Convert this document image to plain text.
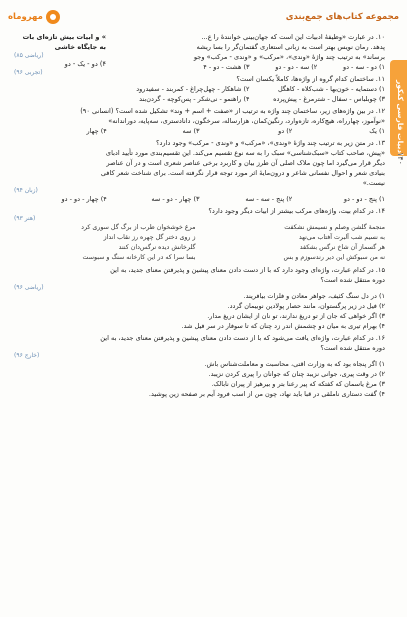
مجموعه کتاب‌های جمع‌بندی
مهروماه
ادبیات فارسی کنکور
۱۴۰
۱۰. در عبارت «وظیفهٔ ادبیات این است که جهان‌بینی خوانندهٔ را ع...
پدهد. رمان نویس بهتر است به زبانی استعاری گفتمان‌گر را بسا ریشه
برساند» به ترتیب چند واژهٔ «وندی»، «مرکب» و «وندی - مرکب» وجو
۱) دو - سه - دو
۲) سه - دو - دو
۳) هشت - دو - ۴
۱۱. ساختمان کدام گروه از واژه‌ها، کاملاً یکسان است؟
۱) دستمایه - خون‌بها - شب‌کلاه - کاهگل
۲) شاهکار - چهل‌چراغ - کمربند - سفیدرود
۳) چوبلباس - سفال - شترمرغ - پیش‌پرده
۴) راهنمو - نی‌شکر - پس‌کوچه - گردن‌بند
» و ابیات بیش تازه‌ای بات به جایگاه خاشی
(ریاضی ۸۵)
۴) دو - یک - دو
(تجربی ۹۶)
۱۲. در بین واژه‌های زیر، ساختمان چند واژه به ترتیب از «صفت + اسم + وند» تشکیل شده است؟ (انسانی ۹۰)
«نوآموز، چهارراه، هیچ‌کاره، تازه‌وارد، رنگین‌کمان، هزارساله، سرخگون، دانادستری، سه‌پایه، دوراندانه»
۱) یک
۲) دو
۳) سه
۴) چهار
۱۳. در متن زیر به ترتیب چند واژهٔ «وندی»، «مرکب» و «وندی - مرکب» وجود دارد؟
«پیش، صاحب کتاب «سبک‌شناسی» سبک را به سه نوع تقسیم می‌کند. این تقسیم‌بندی مورد تأیید ادبای
دیگر قرار می‌گیرد اما چون ملاک اصلی آن طرز بیان و کاربرد برخی عناصر شعری است و در آن عناصر
بنیادی شعر و احوال نفسانی شاعر و درون‌مایهٔ اثر مورد توجه قرار نگرفته است. برای شناخت شعر کافی
نیست.»
(زبان ۹۴)
۱) پنج - دو - دو
۲) پنج - سه - سه
۳) چهار - دو - سه
۴) چهار - دو - دو
۱۴. در کدام بیت، واژه‌های مرکب بیشتر از ابیات دیگر وجود دارد؟
(هنر ۹۳)
منجمهٔ گلشن وصلم و نسیمش نشکفت
مرغ خوشخوان طرب از برگ گل سوری کرد
به نسیم شب آلبرت آفتاب می‌نهد
ز روی دختر گل چهره رز نقاب انداز
هر گسماز آن شاخ نرگس بشکفد
گلرخانش دیده نرگس‌دان کنند
نه من سبوکش این دیر رندسوزم و بس
بسا سرا که در این کارخانه سنگ و سبوست
۱۵. در کدام عبارت، واژه‌ای وجود دارد که با از دست دادن معنای پیشین و پذیرفتن معنای جدید، به این
دوره منتقل شده است؟
(ریاضی ۹۶)
۱) در دل سنگ کثیف، جواهر معادن و فلزات بیافریند.
۲) فیل در زیر پرگستوان، مانند حصار پولادین نوبیمان گردد.
۳) اگر خواهی که جان از تو دریغ ندارند، تو نان از ایشان دریغ مدار.
۴) بهرام تیری به میان دو چشمش اندر زد چنان که تا سوفار در سر فیل شد.
۱۶. در کدام عبارت، واژه‌ای یافت می‌شود که با از دست دادن معنای پیشین و پذیرفتن معنای جدید، به این
دوره منتقل شده است؟
(خارج ۹۶)
۱) اگر پنجاه بود که به وزارت اقتی، محاسبت و معاملت‌شناس باش.
۲) در وقت پیری، جوانی نزیبد چنان که جوانان را پیری کردن نزیبد.
۳) مرغ یاسمان که کفتکه که پیر رعنا بتر و بیرهیز از پیران نابالک.
۴) گفت دستاری ناملقی در قبا باید نهاد، چون من از اسب فرود آیم بر صفحه زین پوشید.
